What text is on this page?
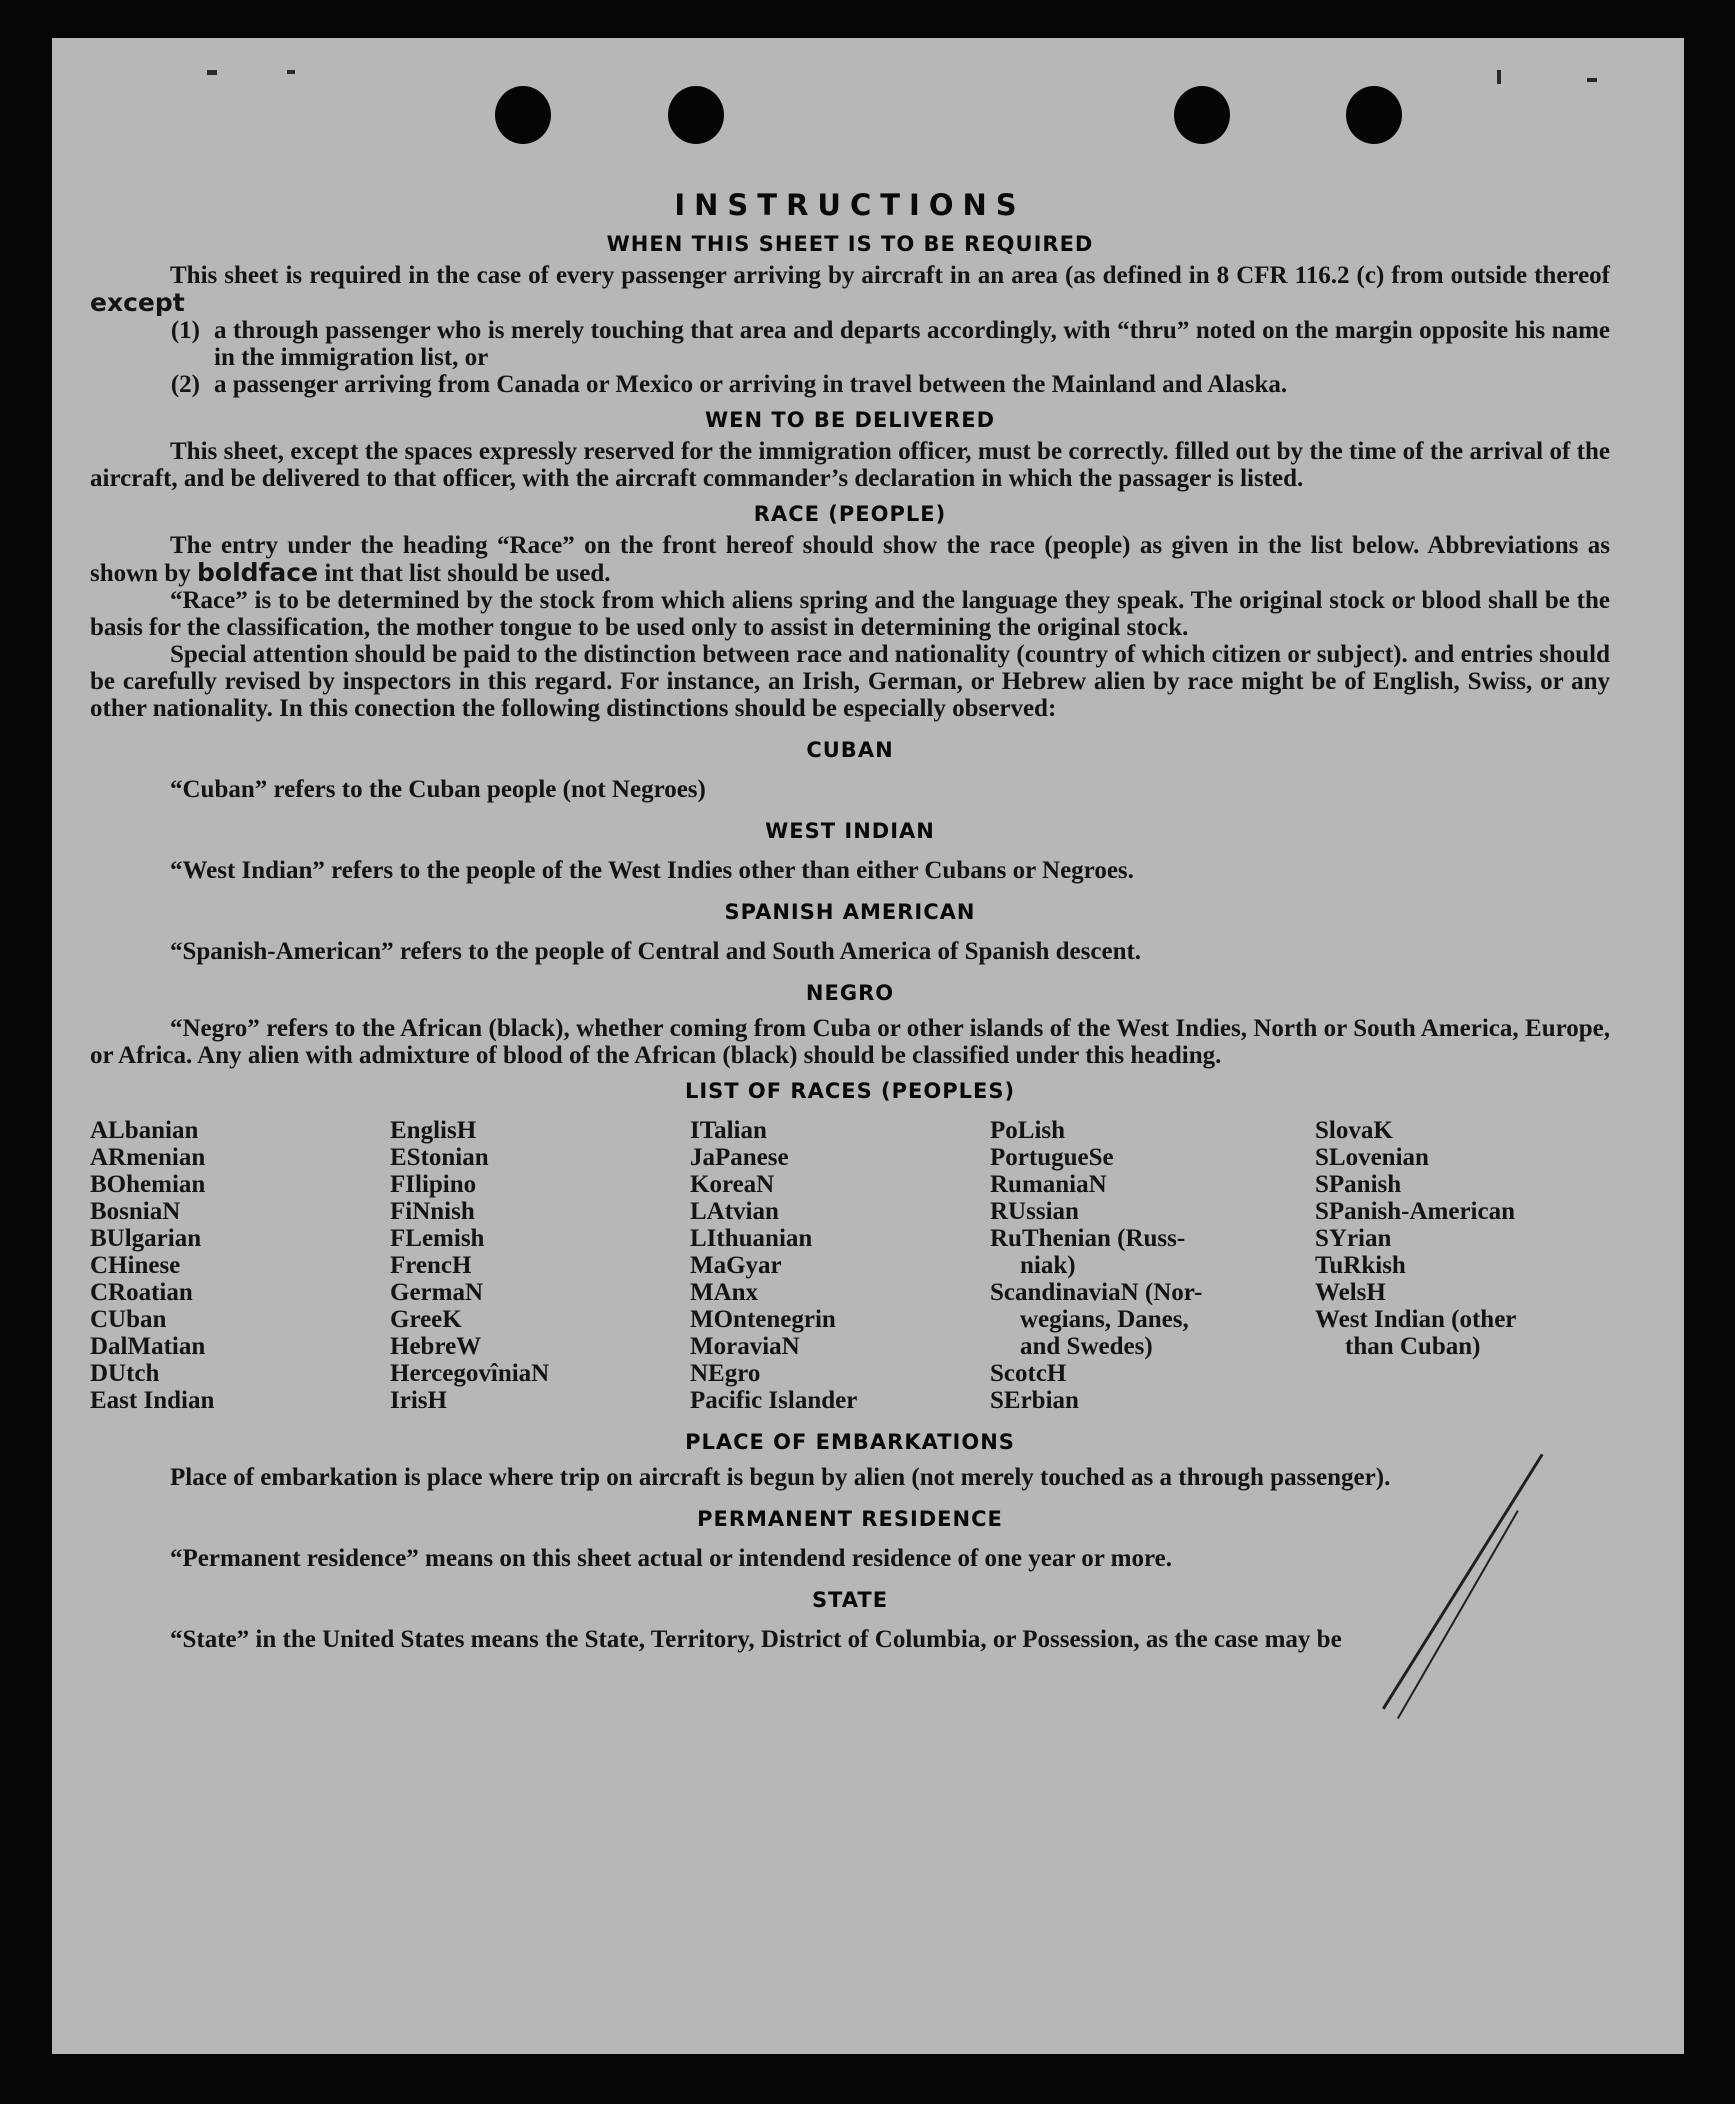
INSTRUCTIONS
WHEN THIS SHEET IS TO BE REQUIRED

This sheet is required in the case of every passenger arriving by aircraft in an area (as defined in 8 CFR 116.2 (c) from outside thereof except

(1) a through passenger who is merely touching that area and departs accordingly, with “thru” noted on the margin opposite his name in the immigration list, or
(2) a passenger arriving from Canada or Mexico or arriving in travel between the Mainland and Alaska.
WEN TO BE DELIVERED

This sheet, except the spaces expressly reserved for the immigration officer, must be correctly. filled out by the time of the arrival of the aircraft, and be delivered to that officer, with the aircraft commander’s declaration in which the passager is listed.

RACE (PEOPLE)

The entry under the heading “Race” on the front hereof should show the race (people) as given in the list below. Abbreviations as shown by boldface int that list should be used.

“Race” is to be determined by the stock from which aliens spring and the language they speak. The original stock or blood shall be the basis for the classification, the mother tongue to be used only to assist in determining the original stock.

Special attention should be paid to the distinction between race and nationality (country of which citizen or subject). and entries should be carefully revised by inspectors in this regard. For instance, an Irish, German, or Hebrew alien by race might be of English, Swiss, or any other nationality. In this conection the following distinctions should be especially observed:

CUBAN

“Cuban” refers to the Cuban people (not Negroes)

WEST INDIAN

“West Indian” refers to the people of the West Indies other than either Cubans or Negroes.

SPANISH AMERICAN

“Spanish-American” refers to the people of Central and South America of Spanish descent.

NEGRO

“Negro” refers to the African (black), whether coming from Cuba or other islands of the West Indies, North or South America, Europe, or Africa. Any alien with admixture of blood of the African (black) should be classified under this heading.

LIST OF RACES (PEOPLES)
ALbanian
ARmenian
BOhemian
BosniaN
BUlgarian
CHinese
CRoatian
CUban
DalMatian
DUtch
East Indian
EnglisH
EStonian
FIlipino
FiNnish
FLemish
FrencH
GermaN
GreeK
HebreW
HercegovîniaN
IrisH
ITalian
JaPanese
KoreaN
LAtvian
LIthuanian
MaGyar
MAnx
MOntenegrin
MoraviaN
NEgro
Pacific Islander
PoLish
PortugueSe
RumaniaN
RUssian
RuThenian (Russ-
niak)
ScandinaviaN (Nor-
wegians, Danes,
and Swedes)
ScotcH
SErbian
SlovaK
SLovenian
SPanish
SPanish-American
SYrian
TuRkish
WelsH
West Indian (other
than Cuban)
PLACE OF EMBARKATIONS

Place of embarkation is place where trip on aircraft is begun by alien (not merely touched as a through passenger).

PERMANENT RESIDENCE

“Permanent residence” means on this sheet actual or intendend residence of one year or more.

STATE

“State” in the United States means the State, Territory, District of Columbia, or Possession, as the case may be
